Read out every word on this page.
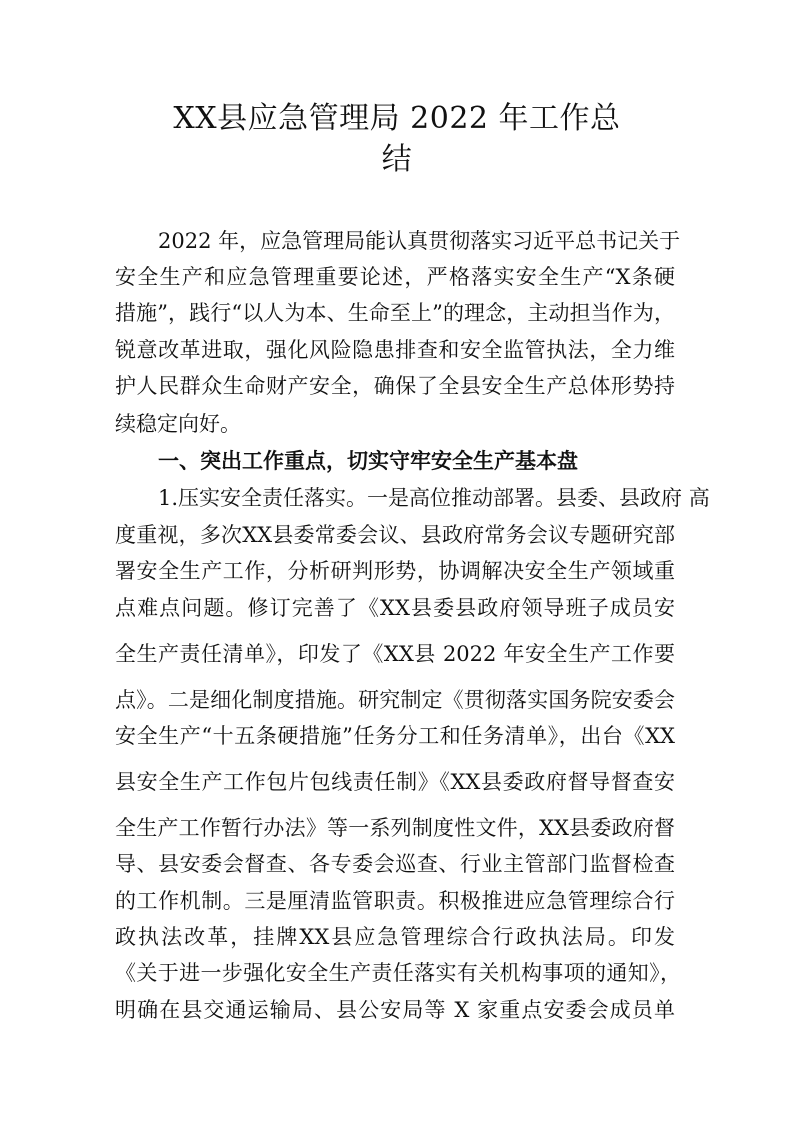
XX县应急管理局 2022 年工作总
结

2022 年，应急管理局能认真贯彻落实习近平总书记关于

安全生产和应急管理重要论述，严格落实安全生产“X条硬

措施”，践行“以人为本、生命至上”的理念，主动担当作为，

锐意改革进取，强化风险隐患排查和安全监管执法，全力维

护人民群众生命财产安全，确保了全县安全生产总体形势持

续稳定向好。

一、突出工作重点，切实守牢安全生产基本盘

1.压实安全责任落实。一是高位推动部署。县委、县政府 高

度重视，多次XX县委常委会议、县政府常务会议专题研究部

署安全生产工作，分析研判形势，协调解决安全生产领域重

点难点问题。修订完善了《XX县委县政府领导班子成员安

全生产责任清单》，印发了《XX县 2022 年安全生产工作要

点》。二是细化制度措施。研究制定《贯彻落实国务院安委会

安全生产“十五条硬措施”任务分工和任务清单》，出台《XX

县安全生产工作包片包线责任制》《XX县委政府督导督查安

全生产工作暂行办法》等一系列制度性文件，XX县委政府督

导、县安委会督查、各专委会巡查、行业主管部门监督检查

的工作机制。三是厘清监管职责。积极推进应急管理综合行

政执法改革，挂牌XX县应急管理综合行政执法局。印发

《关于进一步强化安全生产责任落实有关机构事项的通知》，

明确在县交通运输局、县公安局等 X 家重点安委会成员单
